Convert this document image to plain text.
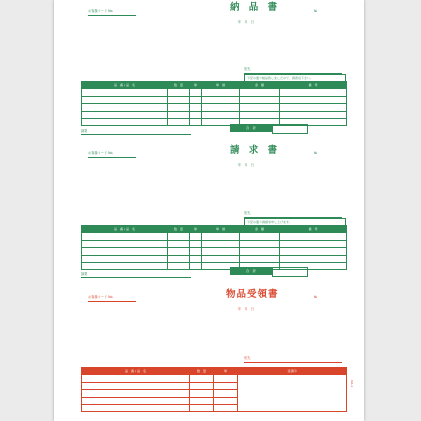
お客様コード No.	納 品 書	№
年　月　日
宛先
下記の通り納品致しましたので、御査収下さい。
品　番 / 品　名	数　量	単	単　価	金　額	備　考

摘要
合　計
お客様コード No.	請 求 書	№
年　月　日
宛先
下記の通り御請求申し上げます。
品　番 / 品　名	数　量	単	単　価	金　額	備　考

摘要
合　計
お客様コード No.	物品受領書	№
年　月　日
宛先
品　番 / 品　名	数　量	単	受領印

OA-1
